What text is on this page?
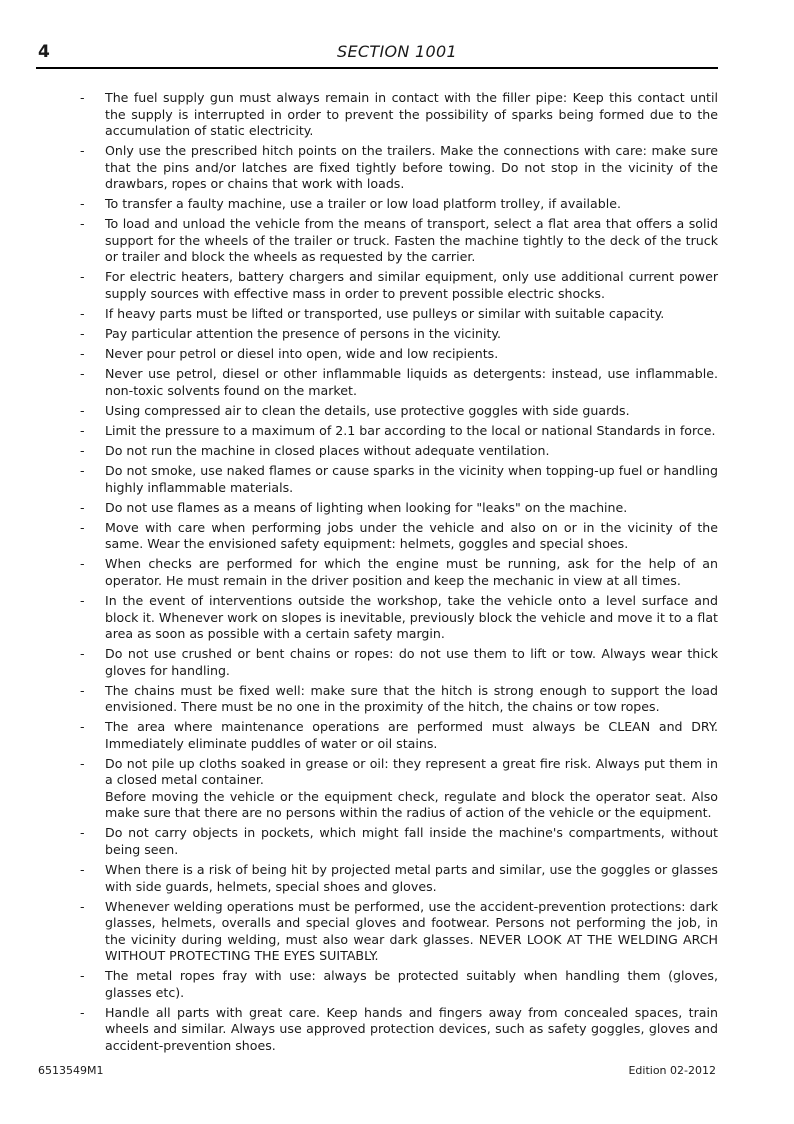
4	SECTION 1001
- The fuel supply gun must always remain in contact with the filler pipe: Keep this contact until the supply is interrupted in order to prevent the possibility of sparks being formed due to the accumulation of static electricity.
- Only use the prescribed hitch points on the trailers. Make the connections with care: make sure that the pins and/or latches are fixed tightly before towing. Do not stop in the vicinity of the drawbars, ropes or chains that work with loads.
- To transfer a faulty machine, use a trailer or low load platform trolley, if available.
- To load and unload the vehicle from the means of transport, select a flat area that offers a solid support for the wheels of the trailer or truck. Fasten the machine tightly to the deck of the truck or trailer and block the wheels as requested by the carrier.
- For electric heaters, battery chargers and similar equipment, only use additional current power supply sources with effective mass in order to prevent possible electric shocks.
- If heavy parts must be lifted or transported, use pulleys or similar with suitable capacity.
- Pay particular attention the presence of persons in the vicinity.
- Never pour petrol or diesel into open, wide and low recipients.
- Never use petrol, diesel or other inflammable liquids as detergents: instead, use inflammable. non-toxic solvents found on the market.
- Using compressed air to clean the details, use protective goggles with side guards.
- Limit the pressure to a maximum of 2.1 bar according to the local or national Standards in force.
- Do not run the machine in closed places without adequate ventilation.
- Do not smoke, use naked flames or cause sparks in the vicinity when topping-up fuel or handling highly inflammable materials.
- Do not use flames as a means of lighting when looking for "leaks" on the machine.
- Move with care when performing jobs under the vehicle and also on or in the vicinity of the same. Wear the envisioned safety equipment: helmets, goggles and special shoes.
- When checks are performed for which the engine must be running, ask for the help of an operator. He must remain in the driver position and keep the mechanic in view at all times.
- In the event of interventions outside the workshop, take the vehicle onto a level surface and block it. Whenever work on slopes is inevitable, previously block the vehicle and move it to a flat area as soon as possible with a certain safety margin.
- Do not use crushed or bent chains or ropes: do not use them to lift or tow. Always wear thick gloves for handling.
- The chains must be fixed well: make sure that the hitch is strong enough to support the load envisioned. There must be no one in the proximity of the hitch, the chains or tow ropes.
- The area where maintenance operations are performed must always be CLEAN and DRY. Immediately eliminate puddles of water or oil stains.
- Do not pile up cloths soaked in grease or oil: they represent a great fire risk. Always put them in a closed metal container.
Before moving the vehicle or the equipment check, regulate and block the operator seat. Also make sure that there are no persons within the radius of action of the vehicle or the equipment.
- Do not carry objects in pockets, which might fall inside the machine's compartments, without being seen.
- When there is a risk of being hit by projected metal parts and similar, use the goggles or glasses with side guards, helmets, special shoes and gloves.
- Whenever welding operations must be performed, use the accident-prevention protections: dark glasses, helmets, overalls and special gloves and footwear. Persons not performing the job, in the vicinity during welding, must also wear dark glasses. NEVER LOOK AT THE WELDING ARCH WITHOUT PROTECTING THE EYES SUITABLY.
- The metal ropes fray with use: always be protected suitably when handling them (gloves, glasses etc).
- Handle all parts with great care. Keep hands and fingers away from concealed spaces, train wheels and similar. Always use approved protection devices, such as safety goggles, gloves and accident-prevention shoes.
6513549M1	Edition 02-2012
